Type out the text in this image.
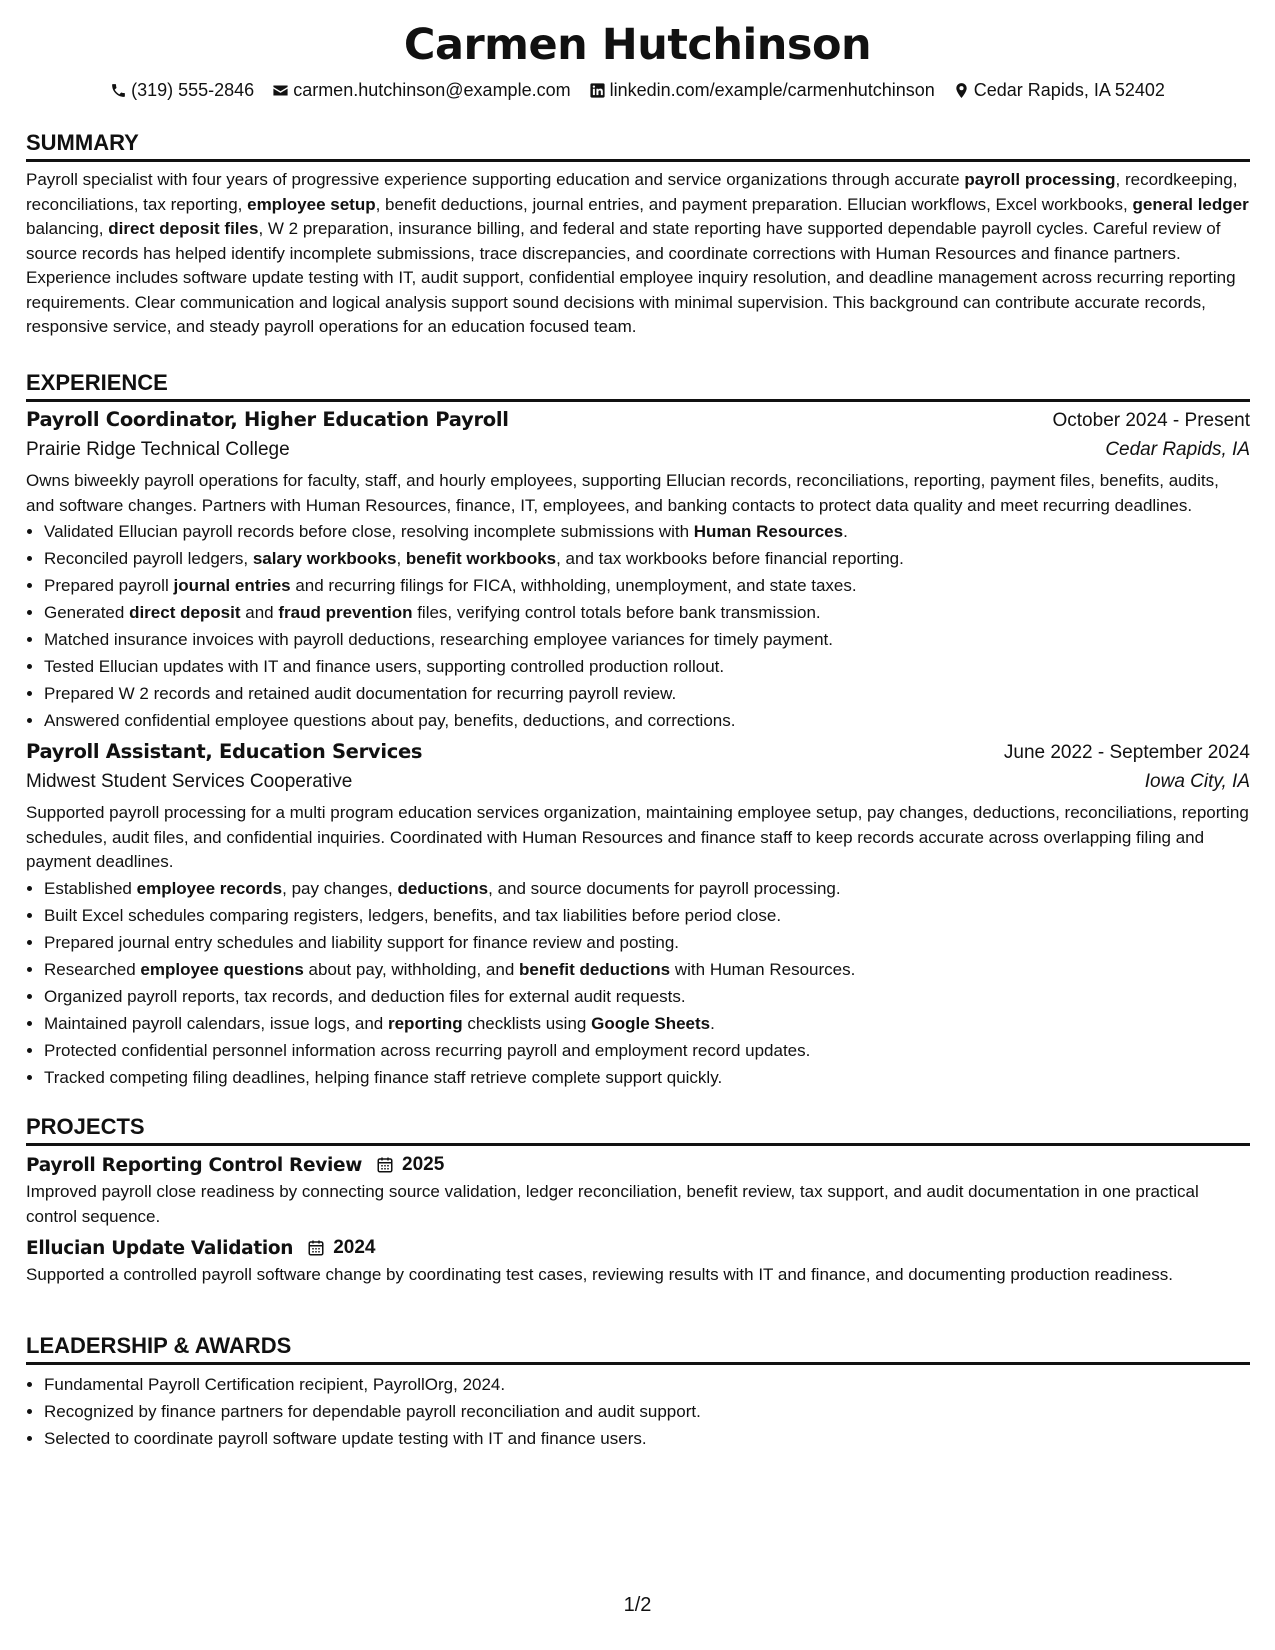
Carmen Hutchinson
(319) 555-2846 carmen.hutchinson@example.com linkedin.com/example/carmenhutchinson Cedar Rapids, IA 52402
SUMMARY
Payroll specialist with four years of progressive experience supporting education and service organizations through accurate payroll processing, recordkeeping, reconciliations, tax reporting, employee setup, benefit deductions, journal entries, and payment preparation. Ellucian workflows, Excel workbooks, general ledger balancing, direct deposit files, W 2 preparation, insurance billing, and federal and state reporting have supported dependable payroll cycles. Careful review of source records has helped identify incomplete submissions, trace discrepancies, and coordinate corrections with Human Resources and finance partners. Experience includes software update testing with IT, audit support, confidential employee inquiry resolution, and deadline management across recurring reporting requirements. Clear communication and logical analysis support sound decisions with minimal supervision. This background can contribute accurate records, responsive service, and steady payroll operations for an education focused team.
EXPERIENCE
Payroll Coordinator, Higher Education Payroll	October 2024 - Present
Prairie Ridge Technical College	Cedar Rapids, IA
Owns biweekly payroll operations for faculty, staff, and hourly employees, supporting Ellucian records, reconciliations, reporting, payment files, benefits, audits, and software changes. Partners with Human Resources, finance, IT, employees, and banking contacts to protect data quality and meet recurring deadlines.
• Validated Ellucian payroll records before close, resolving incomplete submissions with Human Resources.
• Reconciled payroll ledgers, salary workbooks, benefit workbooks, and tax workbooks before financial reporting.
• Prepared payroll journal entries and recurring filings for FICA, withholding, unemployment, and state taxes.
• Generated direct deposit and fraud prevention files, verifying control totals before bank transmission.
• Matched insurance invoices with payroll deductions, researching employee variances for timely payment.
• Tested Ellucian updates with IT and finance users, supporting controlled production rollout.
• Prepared W 2 records and retained audit documentation for recurring payroll review.
• Answered confidential employee questions about pay, benefits, deductions, and corrections.
Payroll Assistant, Education Services	June 2022 - September 2024
Midwest Student Services Cooperative	Iowa City, IA
Supported payroll processing for a multi program education services organization, maintaining employee setup, pay changes, deductions, reconciliations, reporting schedules, audit files, and confidential inquiries. Coordinated with Human Resources and finance staff to keep records accurate across overlapping filing and payment deadlines.
• Established employee records, pay changes, deductions, and source documents for payroll processing.
• Built Excel schedules comparing registers, ledgers, benefits, and tax liabilities before period close.
• Prepared journal entry schedules and liability support for finance review and posting.
• Researched employee questions about pay, withholding, and benefit deductions with Human Resources.
• Organized payroll reports, tax records, and deduction files for external audit requests.
• Maintained payroll calendars, issue logs, and reporting checklists using Google Sheets.
• Protected confidential personnel information across recurring payroll and employment record updates.
• Tracked competing filing deadlines, helping finance staff retrieve complete support quickly.
PROJECTS
Payroll Reporting Control Review 2025
Improved payroll close readiness by connecting source validation, ledger reconciliation, benefit review, tax support, and audit documentation in one practical control sequence.
Ellucian Update Validation 2024
Supported a controlled payroll software change by coordinating test cases, reviewing results with IT and finance, and documenting production readiness.
LEADERSHIP & AWARDS
• Fundamental Payroll Certification recipient, PayrollOrg, 2024.
• Recognized by finance partners for dependable payroll reconciliation and audit support.
• Selected to coordinate payroll software update testing with IT and finance users.
1/2
